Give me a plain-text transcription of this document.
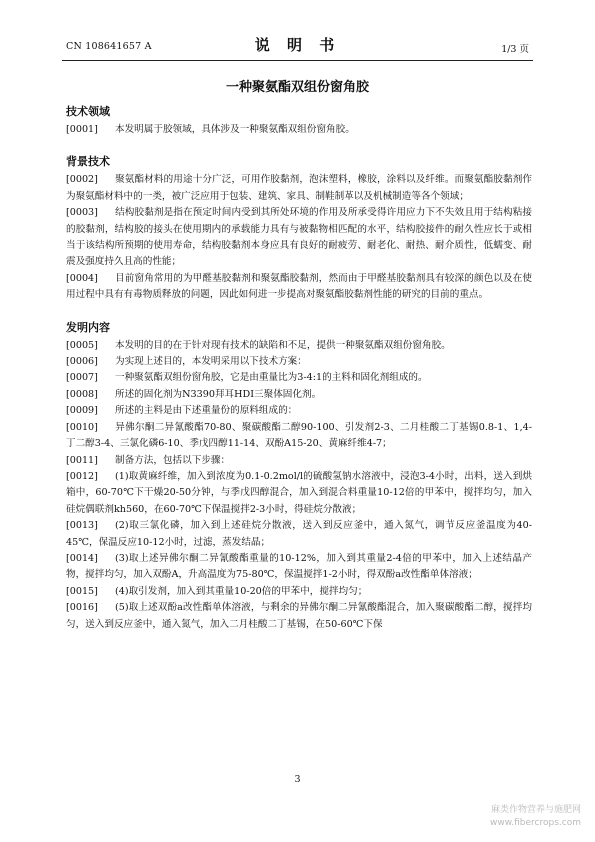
CN 108641657 A	说 明 书	1/3 页
一种聚氨酯双组份窗角胶
技术领域

[0001] 本发明属于胶领域，具体涉及一种聚氨酯双组份窗角胶。

背景技术

[0002] 聚氨酯材料的用途十分广泛，可用作胶黏剂，泡沫塑料，橡胶，涂料以及纤维。而聚氨酯胶黏剂作为聚氨酯材料中的一类，被广泛应用于包装、建筑、家具、制鞋制革以及机械制造等各个领域；

[0003] 结构胶黏剂是指在预定时间内受到其所处环境的作用及所承受得许用应力下不失效且用于结构粘接的胶黏剂，结构胶的接头在使用期内的承载能力具有与被黏物相匹配的水平，结构胶接件的耐久性应长于或相当于该结构所预期的使用寿命，结构胶黏剂本身应具有良好的耐疲劳、耐老化、耐热、耐介质性，低蠕变、耐震及强度持久且高的性能；

[0004] 目前窗角常用的为甲醛基胶黏剂和聚氨酯胶黏剂，然而由于甲醛基胶黏剂具有较深的颜色以及在使用过程中具有有毒物质释放的问题，因此如何进一步提高对聚氨酯胶黏剂性能的研究的目前的重点。

发明内容

[0005] 本发明的目的在于针对现有技术的缺陷和不足，提供一种聚氨酯双组份窗角胶。

[0006] 为实现上述目的，本发明采用以下技术方案：

[0007] 一种聚氨酯双组份窗角胶，它是由重量比为3-4:1的主料和固化剂组成的。

[0008] 所述的固化剂为N3390拜耳HDI三聚体固化剂。

[0009] 所述的主料是由下述重量份的原料组成的：

[0010] 异佛尔酮二异氰酸酯70-80、聚碳酸酯二醇90-100、引发剂2-3、二月桂酸二丁基锡0.8-1、1,4-丁二醇3-4、三氯化磷6-10、季戊四醇11-14、双酚A15-20、黄麻纤维4-7；

[0011] 制备方法，包括以下步骤：

[0012] (1)取黄麻纤维，加入到浓度为0.1-0.2mol/l的硫酸氢钠水溶液中，浸泡3-4小时，出料，送入到烘箱中，60-70℃下干燥20-50分钟，与季戊四醇混合，加入到混合料重量10-12倍的甲苯中，搅拌均匀，加入硅烷偶联剂kh560，在60-70℃下保温搅拌2-3小时，得硅烷分散液；

[0013] (2)取三氯化磷，加入到上述硅烷分散液，送入到反应釜中，通入氮气，调节反应釜温度为40-45℃，保温反应10-12小时，过滤，蒸发结晶；

[0014] (3)取上述异佛尔酮二异氰酸酯重量的10-12%，加入到其重量2-4倍的甲苯中，加入上述结晶产物，搅拌均匀，加入双酚A，升高温度为75-80℃，保温搅拌1-2小时，得双酚a改性酯单体溶液；

[0015] (4)取引发剂，加入到其重量10-20倍的甲苯中，搅拌均匀；

[0016] (5)取上述双酚a改性酯单体溶液，与剩余的异佛尔酮二异氰酸酯混合，加入聚碳酸酯二醇，搅拌均匀，送入到反应釜中，通入氮气，加入二月桂酸二丁基锡，在50-60℃下保

3
麻类作物营养与施肥网
www.fibercrops.com
